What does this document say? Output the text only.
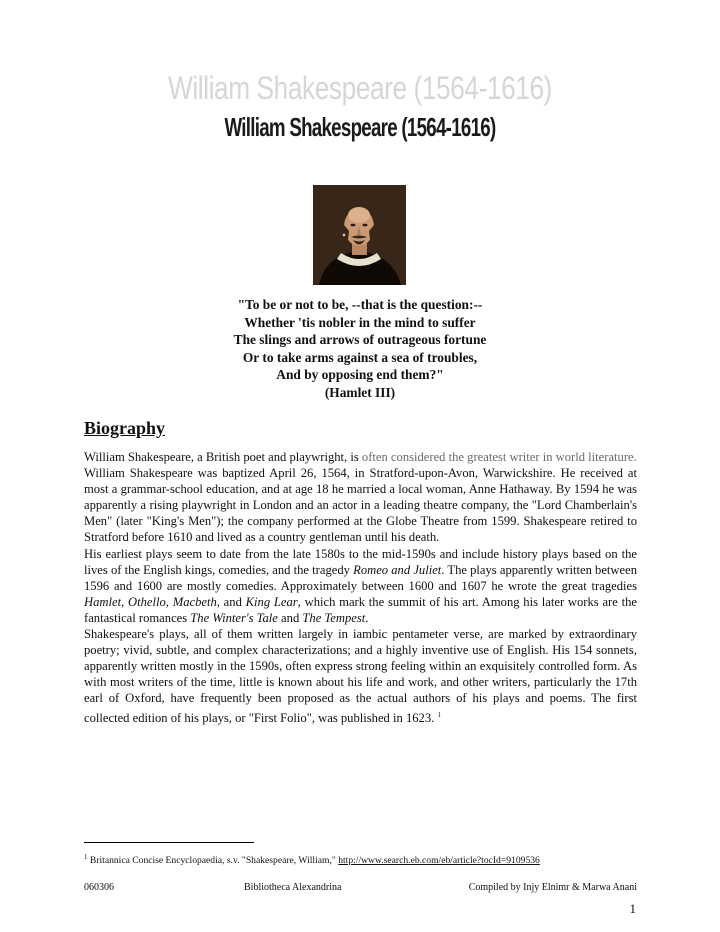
William Shakespeare (1564-1616)
William Shakespeare (1564-1616)
"To be or not to be, --that is the question:--
Whether 'tis nobler in the mind to suffer
The slings and arrows of outrageous fortune
Or to take arms against a sea of troubles,
And by opposing end them?"
(Hamlet III)
Biography

William Shakespeare, a British poet and playwright, is often considered the greatest writer in world literature.

William Shakespeare was baptized April 26, 1564, in Stratford-upon-Avon, Warwickshire. He received at most a grammar-school education, and at age 18 he married a local woman, Anne Hathaway. By 1594 he was apparently a rising playwright in London and an actor in a leading theatre company, the "Lord Chamberlain's Men" (later "King's Men"); the company performed at the Globe Theatre from 1599. Shakespeare retired to Stratford before 1610 and lived as a country gentleman until his death.

His earliest plays seem to date from the late 1580s to the mid-1590s and include history plays based on the lives of the English kings, comedies, and the tragedy Romeo and Juliet. The plays apparently written between 1596 and 1600 are mostly comedies. Approximately between 1600 and 1607 he wrote the great tragedies Hamlet, Othello, Macbeth, and King Lear, which mark the summit of his art. Among his later works are the fantastical romances The Winter's Tale and The Tempest.

Shakespeare's plays, all of them written largely in iambic pentameter verse, are marked by extraordinary poetry; vivid, subtle, and complex characterizations; and a highly inventive use of English. His 154 sonnets, apparently written mostly in the 1590s, often express strong feeling within an exquisitely controlled form. As with most writers of the time, little is known about his life and work, and other writers, particularly the 17th earl of Oxford, have frequently been proposed as the actual authors of his plays and poems. The first collected edition of his plays, or "First Folio", was published in 1623. $^1$

$^1$ Britannica Concise Encyclopaedia, s.v. "Shakespeare, William," http://www.search.eb.com/eb/article?tocId=9109536
060306	Bibliotheca Alexandrina	Compiled by Injy Elnimr & Marwa Anani
1
